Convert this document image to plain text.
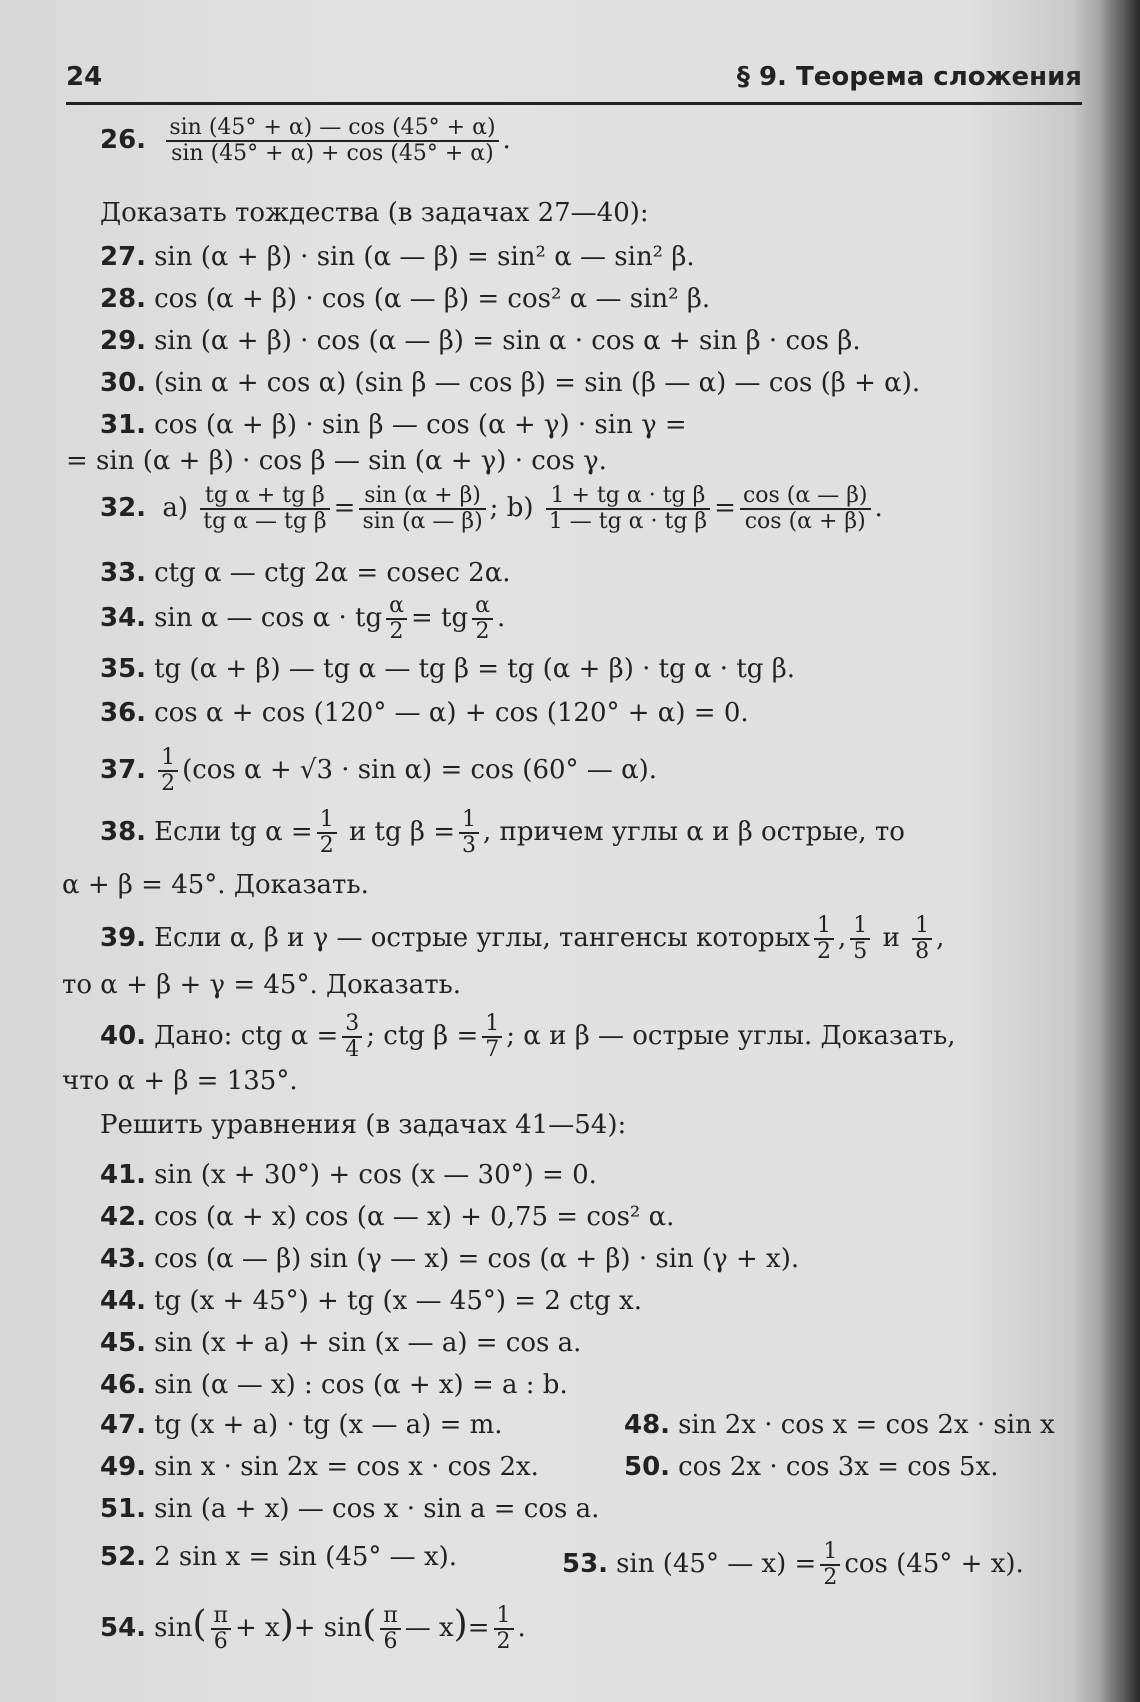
24	§ 9. Теорема сложения
26. $\frac{\sin (45^\circ + \alpha) — \cos (45^\circ + \alpha)}{\sin (45^\circ + \alpha) + \cos (45^\circ + \alpha)}$ .
Доказать тождества (в задачах 27—40):
27. sin (α + β) · sin (α — β) = sin² α — sin² β.
28. cos (α + β) · cos (α — β) = cos² α — sin² β.
29. sin (α + β) · cos (α — β) = sin α · cos α + sin β · cos β.
30. (sin α + cos α) (sin β — cos β) = sin (β — α) — cos (β + α).
31. cos (α + β) · sin β — cos (α + γ) · sin γ =
= sin (α + β) · cos β — sin (α + γ) · cos γ.
32. $a) \frac{\text{tg α + tg β}}{\text{tg α — tg β}} = \frac{\sin (\alpha + \beta)}{\sin (\alpha — \beta)}$ ; $b) \frac{\text{1 + tg α · tg β}}{\text{1 — tg α · tg β}} = \frac{\cos (\alpha — \beta)}{\cos (\alpha + \beta)}$ .
33. ctg α — ctg 2α = cosec 2α.
34. sin α — cos α · tg $\frac{\alpha}{2}$ = tg $\frac{\alpha}{2}$ .
35. tg (α + β) — tg α — tg β = tg (α + β) · tg α · tg β.
36. cos α + cos (120° — α) + cos (120° + α) = 0.
37. $\frac{1}{2} (\cos$ α + √3 · sin α) = cos (60° — α).
38. Если tg $\alpha = \frac{1}{2}$ и tg $\beta = \frac{1}{3}$ , причем углы α и β острые, то
α + β = 45°. Доказать.
39. Если α, β и γ — острые углы, тангенсы которых $\frac{1}{2}$ , $\frac{1}{5}$ и $\frac{1}{8}$ ,
то α + β + γ = 45°. Доказать.
40. Дано: ctg $\alpha = \frac{3}{4}$ ; ctg $\beta = \frac{1}{7}$ ; α и β — острые углы. Доказать,
что α + β = 135°.
Решить уравнения (в задачах 41—54):
41. sin (x + 30°) + cos (x — 30°) = 0.
42. cos (α + x) cos (α — x) + 0,75 = cos² α.
43. cos (α — β) sin (γ — x) = cos (α + β) · sin (γ + x).
44. tg (x + 45°) + tg (x — 45°) = 2 ctg x.
45. sin (x + a) + sin (x — a) = cos a.
46. sin (α — x) : cos (α + x) = a : b.
47. tg (x + a) · tg (x — a) = m.	48. sin 2x · cos x = cos 2x · sin x
49. sin x · sin 2x = cos x · cos 2x.	50. cos 2x · cos 3x = cos 5x.
51. sin (a + x) — cos x · sin a = cos a.
52. 2 sin x = sin (45° — x).	53. sin (45° — $x) = \frac{1}{2}$ cos (45° + x).
54. $\sin( \frac{\pi}{6} + x)+ \sin( \frac{\pi}{6}$ — $x)= \frac{1}{2}$ .
